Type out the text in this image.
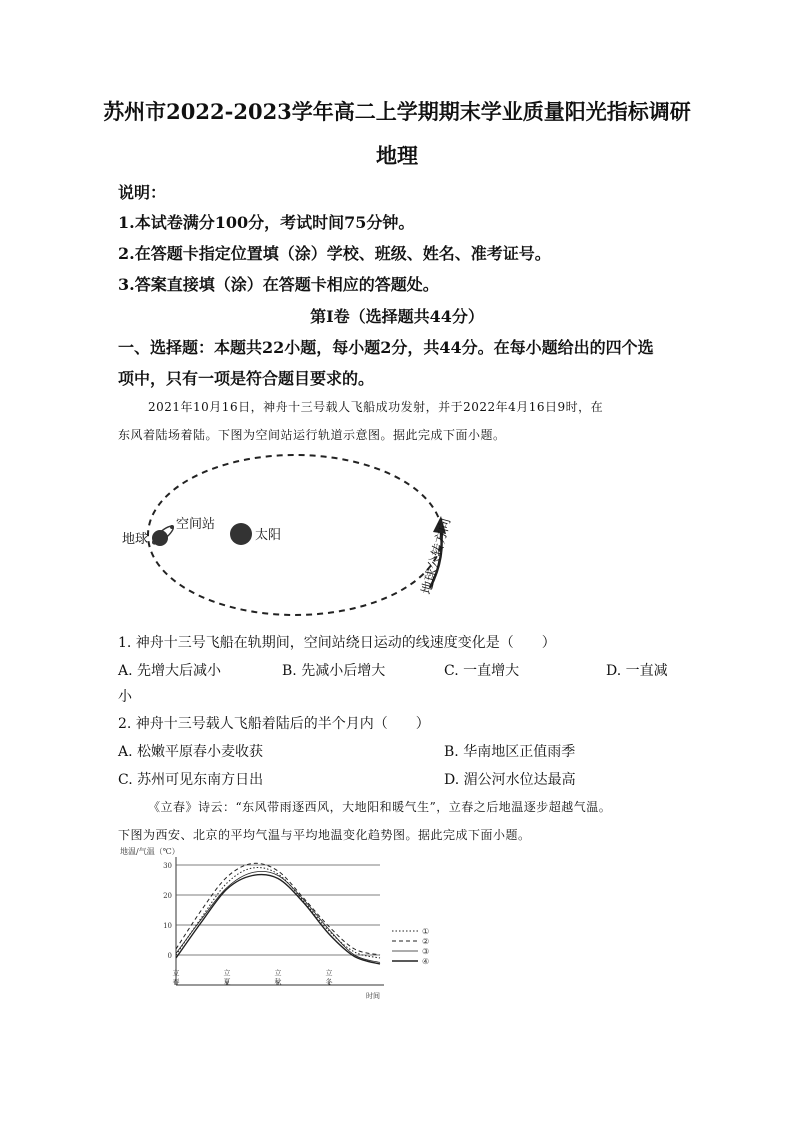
苏州市2022-2023学年高二上学期期末学业质量阳光指标调研
地理
说明：
1.本试卷满分100分，考试时间75分钟。
2.在答题卡指定位置填（涂）学校、班级、姓名、准考证号。
3.答案直接填（涂）在答题卡相应的答题处。
第Ⅰ卷（选择题共44分）
一、选择题：本题共22小题，每小题2分，共44分。在每小题给出的四个选
项中，只有一项是符合题目要求的。
2021年10月16日，神舟十三号载人飞船成功发射，并于2022年4月16日9时，在
东风着陆场着陆。下图为空间站运行轨道示意图。据此完成下面小题。
太阳
地球
空间站	地球公转方向
1. 神舟十三号飞船在轨期间，空间站绕日运动的线速度变化是（　　）
A. 先增大后减小	B. 先减小后增大	C. 一直增大	D. 一直减
小
2. 神舟十三号载人飞船着陆后的半个月内（　　）
A. 松嫩平原春小麦收获	B. 华南地区正值雨季
C. 苏州可见东南方日出	D. 湄公河水位达最高
《立春》诗云：“东风带雨逐西风，大地阳和暖气生”，立春之后地温逐步超越气温。
下图为西安、北京的平均气温与平均地温变化趋势图。据此完成下面小题。
0
10
20
30
地温/气温（℃）
时间
立
春
立
夏
立
秋
立
冬
①
②
③
④
